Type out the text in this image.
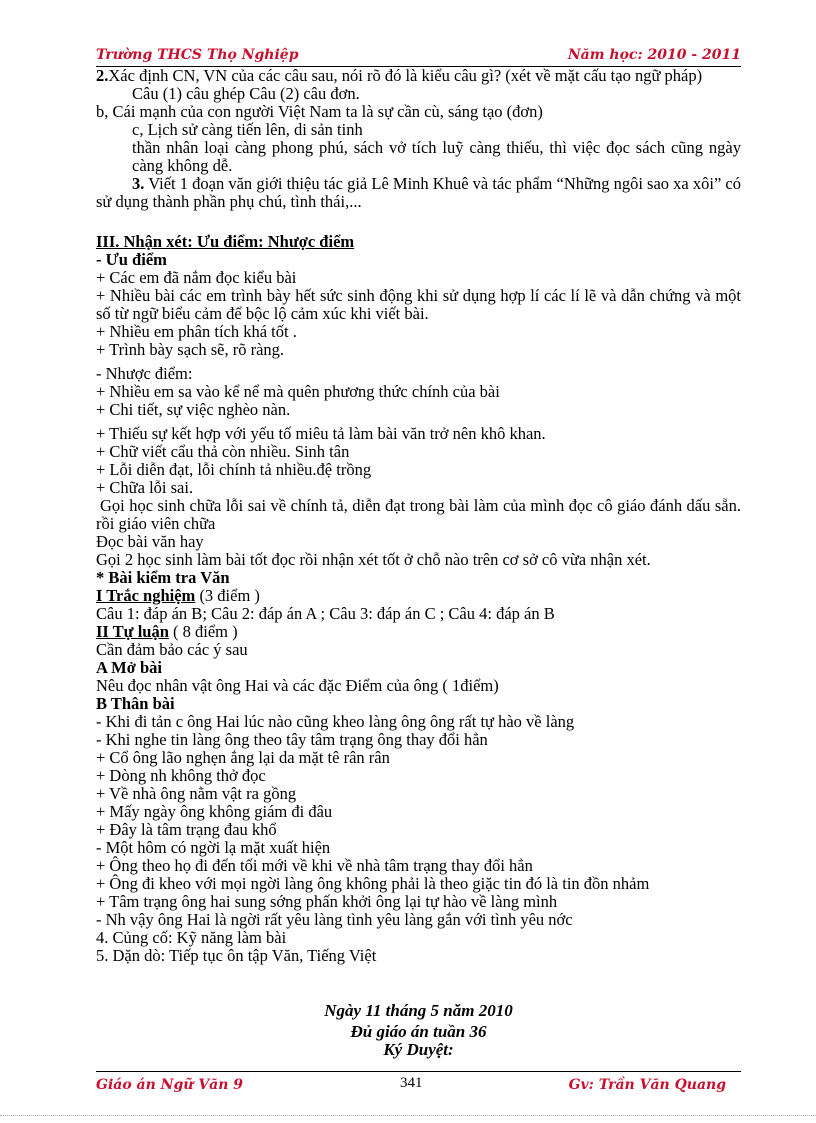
Trường THCS Thọ Nghiệp	Năm học: 2010 - 2011

2.Xác định CN, VN của các câu sau, nói rõ đó là kiểu câu gì? (xét về mặt cấu tạo ngữ pháp)

Câu (1) câu ghép Câu (2) câu đơn.

b, Cái mạnh của con người Việt Nam ta là sự cần cù, sáng tạo (đơn)

c, Lịch sử càng tiến lên, di sản tinh

thần nhân loại càng phong phú, sách vở tích luỹ càng thiếu, thì việc đọc sách cũng ngày càng không dễ.

3. Viết 1 đoạn văn giới thiệu tác giả Lê Minh Khuê và tác phẩm “Những ngôi sao xa xôi” có sử dụng thành phần phụ chú, tình thái,...

III. Nhận xét: Ưu điểm: Nhược điểm

- Ưu điểm

+ Các em đã nắm đọc kiểu bài

+ Nhiều bài các em trình bày hết sức sinh động khi sử dụng hợp lí các lí lẽ và dẫn chứng và một số từ ngữ biểu cảm để bộc lộ cảm xúc khi viết bài.

+ Nhiều em phân tích khá tốt .

+ Trình bày sạch sẽ, rõ ràng.

- Nhược điểm:

+ Nhiều em sa vào kể nể mà quên phương thức chính của bài

+ Chi tiết, sự việc nghèo nàn.

+ Thiếu sự kết hợp với yếu tố miêu tả làm bài văn trở nên khô khan.

+ Chữ viết cẩu thả còn nhiều. Sinh tân

+ Lỗi diễn đạt, lỗi chính tả nhiều.đệ trồng

+ Chữa lỗi sai.

Gọi học sinh chữa lỗi sai về chính tả, diễn đạt trong bài làm của mình đọc cô giáo đánh dấu sẵn. rồi giáo viên chữa

Đọc bài văn hay

Gọi 2 học sinh làm bài tốt đọc rồi nhận xét tốt ở chỗ nào trên cơ sở cô vừa nhận xét.

* Bài kiểm tra Văn

I Trắc nghiệm (3 điểm )

Câu 1: đáp án B; Câu 2: đáp án A ; Câu 3: đáp án C ; Câu 4: đáp án B

II Tự luận ( 8 điểm )

Cần đảm bảo các ý sau

A Mở bài

Nêu đọc nhân vật ông Hai và các đặc Điểm của ông ( 1điểm)

B Thân bài

- Khi đi tản c ông Hai lúc nào cũng kheo làng ông ông rất tự hào về làng

- Khi nghe tin làng ông theo tây tâm trạng ông thay đổi hẳn

+ Cổ ông lão nghẹn ắng lại da mặt tê rân rân

+ Dòng nh không thở đọc

+ Về nhà ông nằm vật ra gồng

+ Mấy ngày ông không giám đi đâu

+ Đây là tâm trạng đau khổ

- Một hôm có ngời lạ mặt xuất hiện

+ Ông theo họ đi đến tối mới về khi về nhà tâm trạng thay đổi hẳn

+ Ông đi kheo với mọi ngời làng ông không phải là theo giặc tin đó là tin đồn nhảm

+ Tâm trạng ông hai sung sớng phấn khởi ông lại tự hào về làng mình

- Nh vậy ông Hai là ngời rất yêu làng tình yêu làng gắn với tình yêu nớc

4. Củng cố: Kỹ năng làm bài

5. Dặn dò: Tiếp tục ôn tập Văn, Tiếng Việt

Ngày 11 tháng 5 năm 2010

Đủ giáo án tuần 36

Ký Duyệt:

Giáo án Ngữ Văn 9	341	Gv: Trần Văn Quang
